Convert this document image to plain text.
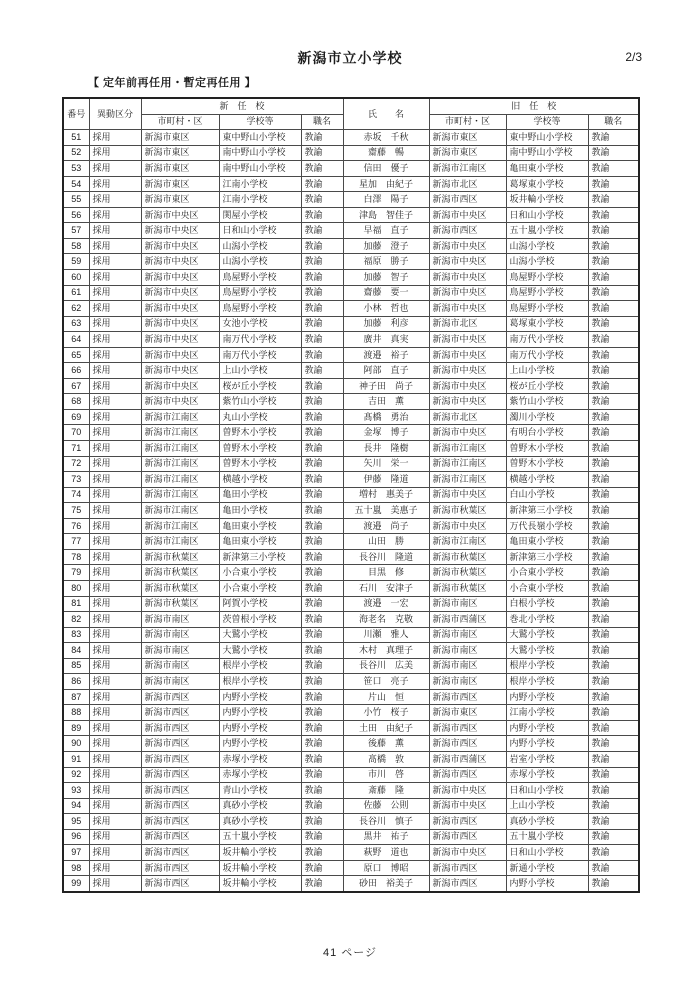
新潟市立小学校	2/3
【 定年前再任用・暫定再任用 】
番号	異動区分	新　任　校			氏　　名	旧　任　校		
		市町村・区	学校等	職名		市町村・区	学校等	職名
51	採用	新潟市東区	東中野山小学校	教諭	赤坂　千秋	新潟市東区	東中野山小学校	教諭
52	採用	新潟市東区	南中野山小学校	教諭	齋藤　暢	新潟市東区	南中野山小学校	教諭
53	採用	新潟市東区	南中野山小学校	教諭	信田　優子	新潟市江南区	亀田東小学校	教諭
54	採用	新潟市東区	江南小学校	教諭	星加　由紀子	新潟市北区	葛塚東小学校	教諭
55	採用	新潟市東区	江南小学校	教諭	白澤　陽子	新潟市西区	坂井輪小学校	教諭
56	採用	新潟市中央区	関屋小学校	教諭	津島　智佳子	新潟市中央区	日和山小学校	教諭
57	採用	新潟市中央区	日和山小学校	教諭	早福　直子	新潟市西区	五十嵐小学校	教諭
58	採用	新潟市中央区	山潟小学校	教諭	加藤　澄子	新潟市中央区	山潟小学校	教諭
59	採用	新潟市中央区	山潟小学校	教諭	福原　勝子	新潟市中央区	山潟小学校	教諭
60	採用	新潟市中央区	鳥屋野小学校	教諭	加藤　智子	新潟市中央区	鳥屋野小学校	教諭
61	採用	新潟市中央区	鳥屋野小学校	教諭	齋藤　要一	新潟市中央区	鳥屋野小学校	教諭
62	採用	新潟市中央区	鳥屋野小学校	教諭	小林　哲也	新潟市中央区	鳥屋野小学校	教諭
63	採用	新潟市中央区	女池小学校	教諭	加藤　利彦	新潟市北区	葛塚東小学校	教諭
64	採用	新潟市中央区	南万代小学校	教諭	廣井　真実	新潟市中央区	南万代小学校	教諭
65	採用	新潟市中央区	南万代小学校	教諭	渡邉　裕子	新潟市中央区	南万代小学校	教諭
66	採用	新潟市中央区	上山小学校	教諭	阿部　直子	新潟市中央区	上山小学校	教諭
67	採用	新潟市中央区	桜が丘小学校	教諭	神子田　尚子	新潟市中央区	桜が丘小学校	教諭
68	採用	新潟市中央区	紫竹山小学校	教諭	吉田　薫	新潟市中央区	紫竹山小学校	教諭
69	採用	新潟市江南区	丸山小学校	教諭	髙橋　勇治	新潟市北区	濁川小学校	教諭
70	採用	新潟市江南区	曽野木小学校	教諭	金塚　博子	新潟市中央区	有明台小学校	教諭
71	採用	新潟市江南区	曽野木小学校	教諭	長井　隆樹	新潟市江南区	曽野木小学校	教諭
72	採用	新潟市江南区	曽野木小学校	教諭	矢川　栄一	新潟市江南区	曽野木小学校	教諭
73	採用	新潟市江南区	横越小学校	教諭	伊藤　隆道	新潟市江南区	横越小学校	教諭
74	採用	新潟市江南区	亀田小学校	教諭	増村　惠美子	新潟市中央区	白山小学校	教諭
75	採用	新潟市江南区	亀田小学校	教諭	五十嵐　美惠子	新潟市秋葉区	新津第三小学校	教諭
76	採用	新潟市江南区	亀田東小学校	教諭	渡邉　尚子	新潟市中央区	万代長嶺小学校	教諭
77	採用	新潟市江南区	亀田東小学校	教諭	山田　勝	新潟市江南区	亀田東小学校	教諭
78	採用	新潟市秋葉区	新津第三小学校	教諭	長谷川　隆道	新潟市秋葉区	新津第三小学校	教諭
79	採用	新潟市秋葉区	小合東小学校	教諭	目黒　修	新潟市秋葉区	小合東小学校	教諭
80	採用	新潟市秋葉区	小合東小学校	教諭	石川　安津子	新潟市秋葉区	小合東小学校	教諭
81	採用	新潟市秋葉区	阿賀小学校	教諭	渡邉　一宏	新潟市南区	白根小学校	教諭
82	採用	新潟市南区	茨曽根小学校	教諭	海老名　克敬	新潟市西蒲区	巻北小学校	教諭
83	採用	新潟市南区	大鷲小学校	教諭	川瀬　雅人	新潟市南区	大鷲小学校	教諭
84	採用	新潟市南区	大鷲小学校	教諭	木村　真理子	新潟市南区	大鷲小学校	教諭
85	採用	新潟市南区	根岸小学校	教諭	長谷川　広美	新潟市南区	根岸小学校	教諭
86	採用	新潟市南区	根岸小学校	教諭	笹口　亮子	新潟市南区	根岸小学校	教諭
87	採用	新潟市西区	内野小学校	教諭	片山　恒	新潟市西区	内野小学校	教諭
88	採用	新潟市西区	内野小学校	教諭	小竹　桜子	新潟市東区	江南小学校	教諭
89	採用	新潟市西区	内野小学校	教諭	土田　由紀子	新潟市西区	内野小学校	教諭
90	採用	新潟市西区	内野小学校	教諭	後藤　薫	新潟市西区	内野小学校	教諭
91	採用	新潟市西区	赤塚小学校	教諭	髙橋　敦	新潟市西蒲区	岩室小学校	教諭
92	採用	新潟市西区	赤塚小学校	教諭	市川　啓	新潟市西区	赤塚小学校	教諭
93	採用	新潟市西区	青山小学校	教諭	斎藤　隆	新潟市中央区	日和山小学校	教諭
94	採用	新潟市西区	真砂小学校	教諭	佐藤　公則	新潟市中央区	上山小学校	教諭
95	採用	新潟市西区	真砂小学校	教諭	長谷川　慎子	新潟市西区	真砂小学校	教諭
96	採用	新潟市西区	五十嵐小学校	教諭	黒井　祐子	新潟市西区	五十嵐小学校	教諭
97	採用	新潟市西区	坂井輪小学校	教諭	萩野　道也	新潟市中央区	日和山小学校	教諭
98	採用	新潟市西区	坂井輪小学校	教諭	原口　博昭	新潟市西区	新通小学校	教諭
99	採用	新潟市西区	坂井輪小学校	教諭	砂田　裕美子	新潟市西区	内野小学校	教諭
41 ページ
